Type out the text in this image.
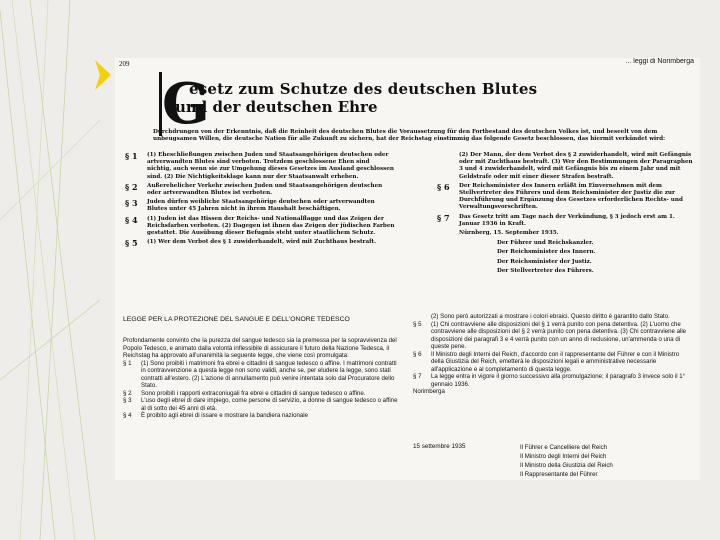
209	... leggi di Norimberga
G
esetz zum Schutze des deutschen Blutes
und der deutschen Ehre
Durchdrungen von der Erkenntnis, daß die Reinheit des deutschen Blutes die Voraussetzung für den Fortbestand des deutschen Volkes ist, und beseelt von dem unbeugsamen Willen, die deutsche Nation für alle Zukunft zu sichern, hat der Reichstag einstimmig das folgende Gesetz beschlossen, das hiermit verkündet wird:
§ 1	(1) Eheschließungen zwischen Juden und Staatsangehörigen deutschen oder artverwandten Blutes sind verboten. Trotzdem geschlossene Ehen sind nichtig, auch wenn sie zur Umgehung dieses Gesetzes im Ausland geschlossen sind. (2) Die Nichtigkeitsklage kann nur der Staatsanwalt erheben.
§ 2	Außerehelicher Verkehr zwischen Juden und Staatsangehörigen deutschen oder artverwandten Blutes ist verboten.
§ 3	Juden dürfen weibliche Staatsangehörige deutschen oder artverwandten Blutes unter 45 Jahren nicht in ihrem Haushalt beschäftigen.
§ 4	(1) Juden ist das Hissen der Reichs- und Nationalflagge und das Zeigen der Reichsfarben verboten. (2) Dagegen ist ihnen das Zeigen der jüdischen Farben gestattet. Die Ausübung dieser Befugnis steht unter staatlichem Schutz.
§ 5	(1) Wer dem Verbot des § 1 zuwiderhandelt, wird mit Zuchthaus bestraft.
(2) Der Mann, der dem Verbot des § 2 zuwiderhandelt, wird mit Gefängnis oder mit Zuchthaus bestraft. (3) Wer den Bestimmungen der Paragraphen 3 und 4 zuwiderhandelt, wird mit Gefängnis bis zu einem Jahr und mit Geldstrafe oder mit einer dieser Strafen bestraft.
§ 6	Der Reichsminister des Innern erläßt im Einvernehmen mit dem Stellvertreter des Führers und dem Reichsminister der Justiz die zur Durchführung und Ergänzung des Gesetzes erforderlichen Rechts- und Verwaltungsvorschriften.
§ 7	Das Gesetz tritt am Tage nach der Verkündung, § 3 jedoch erst am 1. Januar 1936 in Kraft.
Nürnberg, 15. September 1935.
Der Führer und Reichskanzler.
Der Reichsminister des Innern.
Der Reichsminister der Justiz.
Der Stellvertreter des Führers.
LEGGE PER LA PROTEZIONE DEL SANGUE E DELL'ONORE TEDESCO
Profondamente convinto che la purezza del sangue tedesco sia la premessa per la sopravvivenza del Popolo Tedesco, e animato dalla volontà inflessibile di assicurare il futuro della Nazione Tedesca, il Reichstag ha approvato all'unanimità la seguente legge, che viene così promulgata:
§ 1	(1) Sono proibiti i matrimoni fra ebrei e cittadini di sangue tedesco o affine. I matrimoni contratti in contravvenzione a questa legge non sono validi, anche se, per eludere la legge, sono stati contratti all'estero. (2) L'azione di annullamento può venire intentata solo dal Procuratore dello Stato.
§ 2	Sono proibiti i rapporti extraconiugali fra ebrei e cittadini di sangue tedesco o affine.
§ 3	L'uso degli ebrei di dare impiego, come persone di servizio, a donne di sangue tedesco o affine al di sotto dei 45 anni di età.
§ 4	È proibito agli ebrei di issare e mostrare la bandiera nazionale
(2) Sono però autorizzati a mostrare i colori ebraici. Questo diritto è garantito dallo Stato.
§ 5	(1) Chi contravviene alle disposizioni del § 1 verrà punito con pena detentiva. (2) L'uomo che contravviene alle disposizioni del § 2 verrà punito con pena detentiva. (3) Chi contravviene alle disposizioni dei paragrafi 3 e 4 verrà punito con un anno di reclusione, un'ammenda o una di queste pene.
§ 6	Il Ministro degli Interni del Reich, d'accordo con il rappresentante del Führer e con il Ministro della Giustizia del Reich, emetterà le disposizioni legali e amministrative necessarie all'applicazione e al completamento di questa legge.
§ 7	La legge entra in vigore il giorno successivo alla promulgazione; il paragrafo 3 invece solo il 1° gennaio 1936.
Norimberga
15 settembre 1935	Il Führer e Cancelliere del Reich
Il Ministro degli Interni del Reich
Il Ministro della Giustizia del Reich
Il Rappresentante del Führer
